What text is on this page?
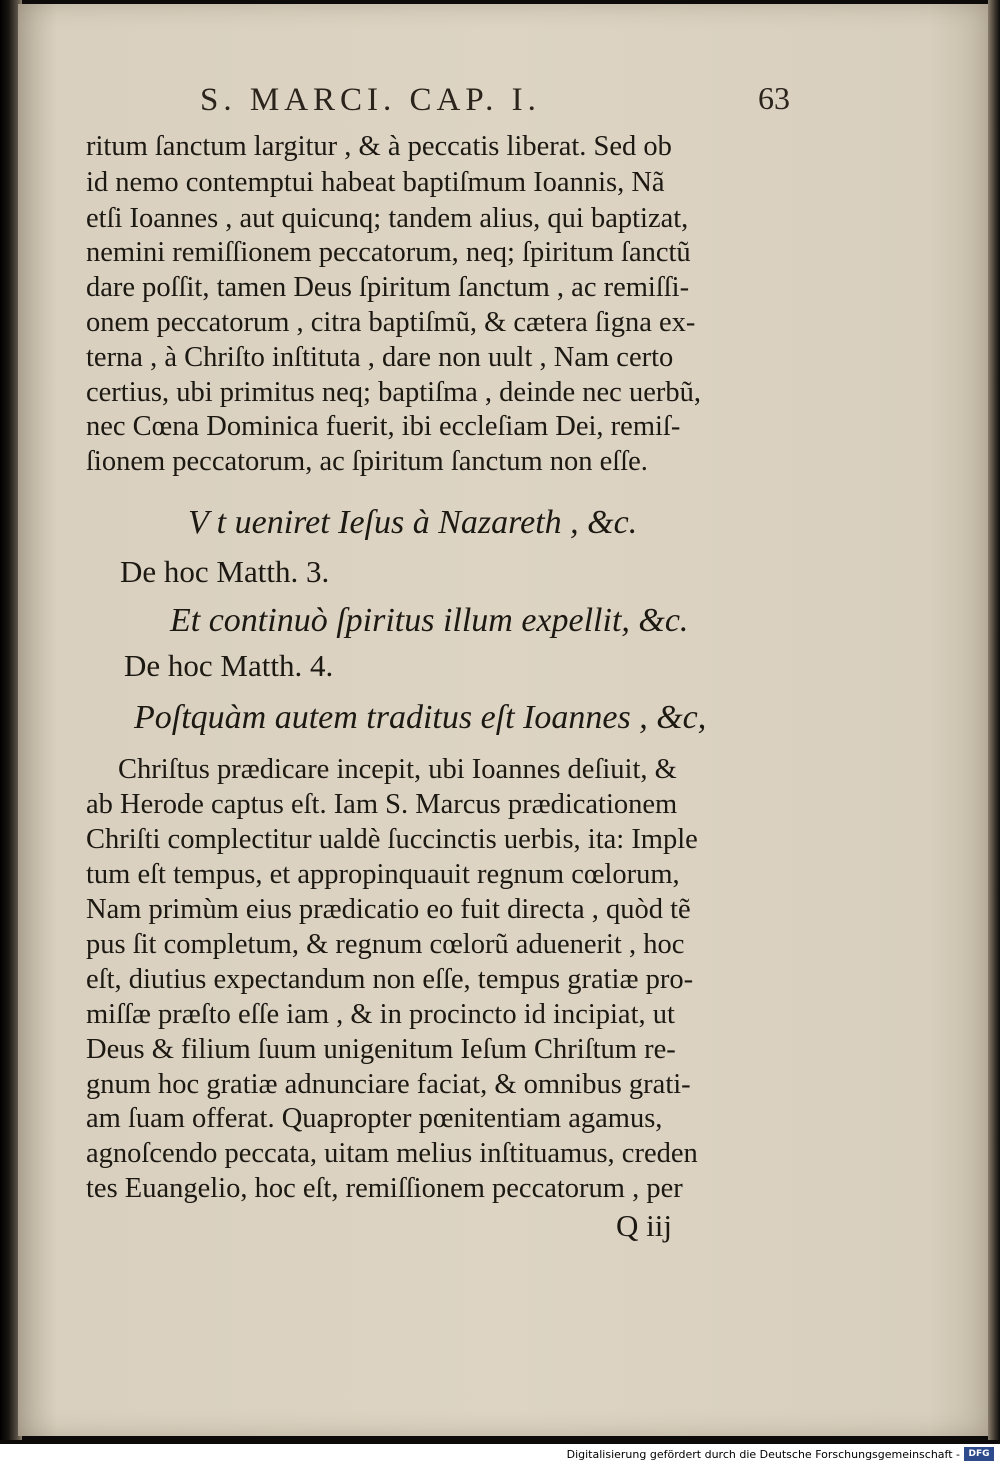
S. MARCI. CAP. I.	63
ritum ſanctum largitur , & à peccatis liberat. Sed ob
id nemo contemptui habeat baptiſmum Ioannis, Nã
etſi Ioannes , aut quicunq; tandem alius, qui baptizat,
nemini remiſſionem peccatorum, neq; ſpiritum ſanctũ
dare poſſit, tamen Deus ſpiritum ſanctum , ac remiſſi-
onem peccatorum , citra baptiſmũ, & cætera ſigna ex-
terna , à Chriſto inſtituta , dare non uult , Nam certo
certius, ubi primitus neq; baptiſma , deinde nec uerbũ,
nec Cœna Dominica fuerit, ibi eccleſiam Dei, remiſ-
ſionem peccatorum, ac ſpiritum ſanctum non eſſe.
V t ueniret Ieſus à Nazareth , &c.
De hoc Matth. 3.
Et continuò ſpiritus illum expellit, &c.
De hoc Matth. 4.
Poſtquàm autem traditus eſt Ioannes , &c,
Chriſtus prædicare incepit, ubi Ioannes deſiuit, &
ab Herode captus eſt. Iam S. Marcus prædicationem
Chriſti complectitur ualdè ſuccinctis uerbis, ita: Imple
tum eſt tempus, et appropinquauit regnum cœlorum,
Nam primùm eius prædicatio eo fuit directa , quòd tẽ
pus ſit completum, & regnum cœlorũ aduenerit , hoc
eſt, diutius expectandum non eſſe, tempus gratiæ pro-
miſſæ præſto eſſe iam , & in procincto id incipiat, ut
Deus & filium ſuum unigenitum Ieſum Chriſtum re-
gnum hoc gratiæ adnunciare faciat, & omnibus grati-
am ſuam offerat. Quapropter pœnitentiam agamus,
agnoſcendo peccata, uitam melius inſtituamus, creden
tes Euangelio, hoc eſt, remiſſionem peccatorum , per
Q iij
Digitalisierung gefördert durch die Deutsche Forschungsgemeinschaft - DFG
